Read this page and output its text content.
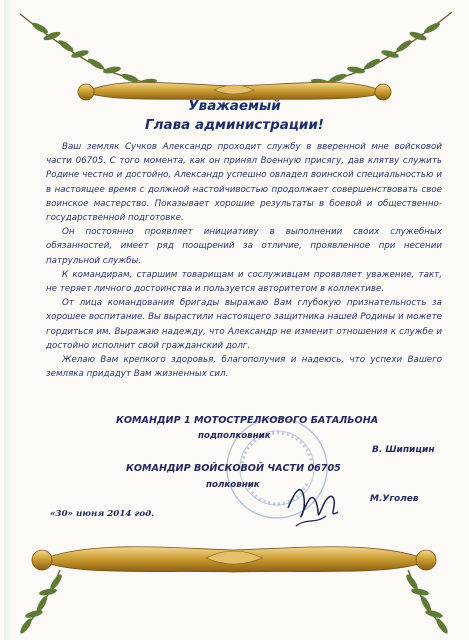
Уважаемый
Глава администрации!

Ваш земляк Сучков Александр проходит службу в вверенной мне войсковой части 06705. С того момента, как он принял Военную присягу, дав клятву служить Родине честно и достойно, Александр успешно овладел воинской специальностью и в настоящее время с должной настойчивостью продолжает совершенствовать свое воинское мастерство. Показывает хорошие результаты в боевой и общественно-государственной подготовке.

Он постоянно проявляет инициативу в выполнении своих служебных обязанностей, имеет ряд поощрений за отличие, проявленное при несении патрульной службы.

К командирам, старшим товарищам и сослуживцам проявляет уважение, такт, не теряет личного достоинства и пользуется авторитетом в коллективе.

От лица командования бригады выражаю Вам глубокую признательность за хорошее воспитание. Вы вырастили настоящего защитника нашей Родины и можете гордиться им. Выражаю надежду, что Александр не изменит отношения к службе и достойно исполнит свой гражданский долг.

Желаю Вам крепкого здоровья, благополучия и надеюсь, что успехи Вашего земляка придадут Вам жизненных сил.

КОМАНДИР 1 МОТОСТРЕЛКОВОГО БАТАЛЬОНА
подполковник
В. Шипицин
КОМАНДИР ВОЙСКОВОЙ ЧАСТИ 06705
полковник
М.Уголев
«30» июня 2014 год.
